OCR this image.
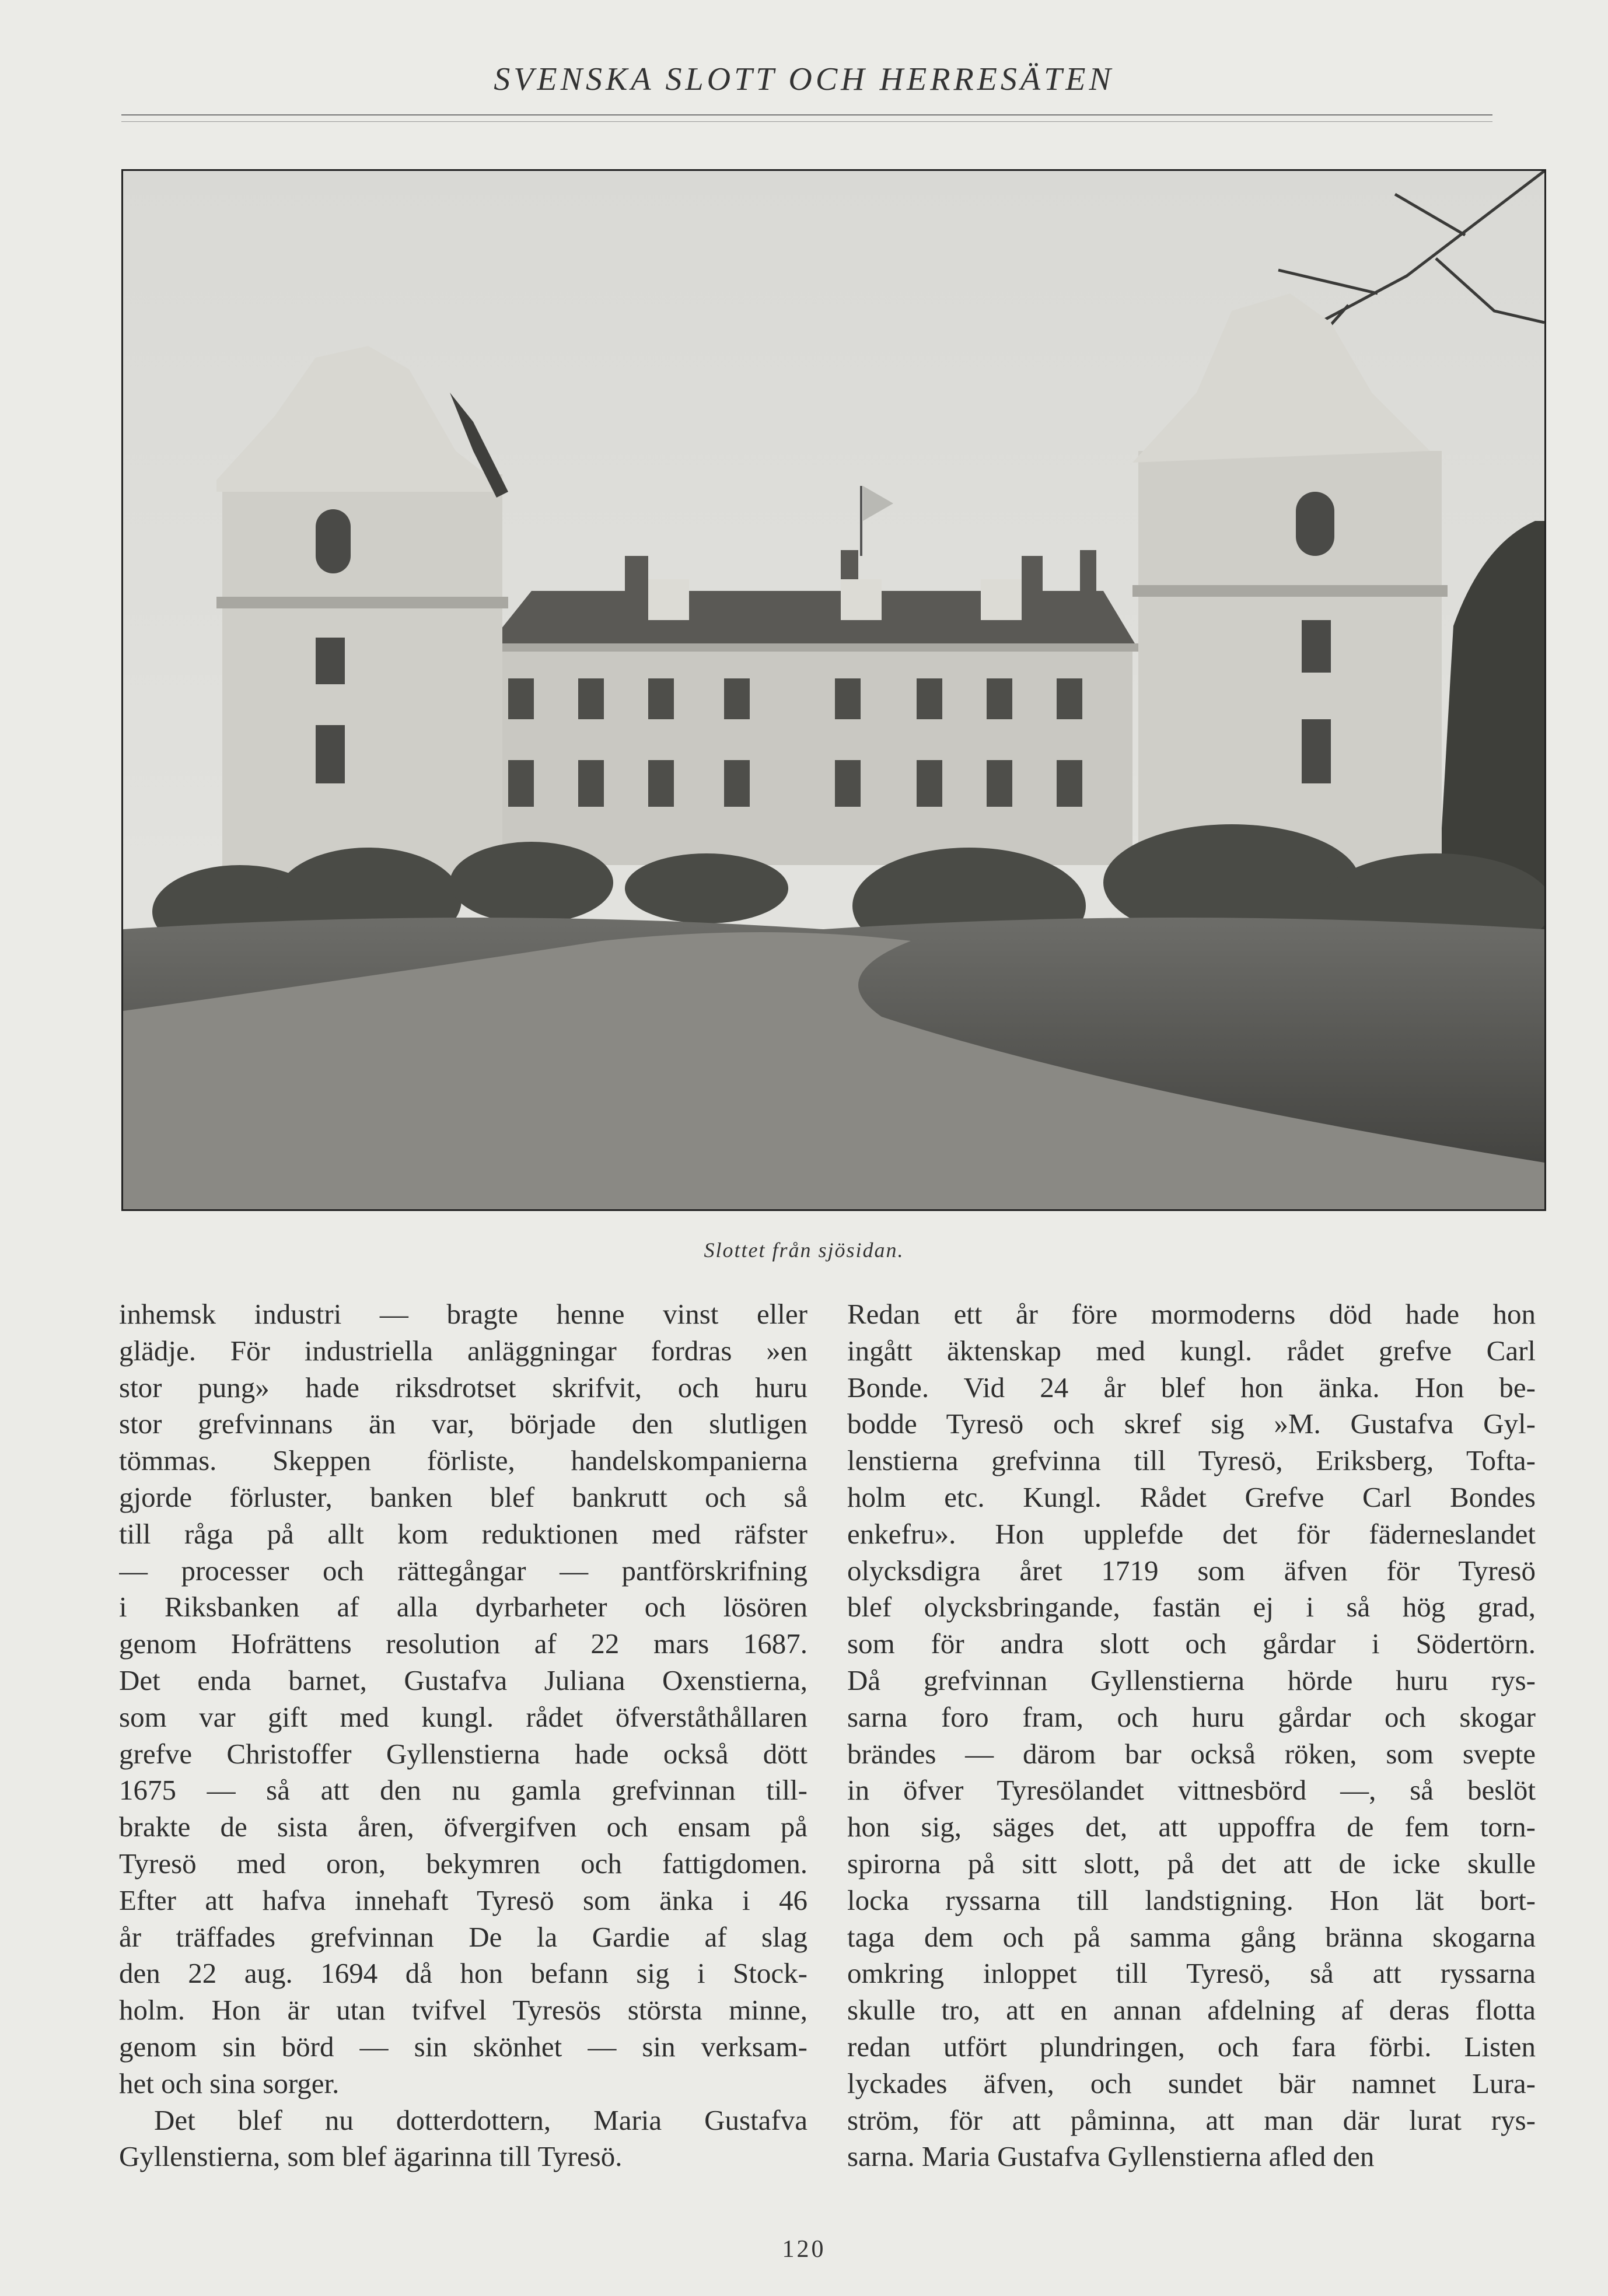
SVENSKA SLOTT OCH HERRESÄTEN
Slottet från sjösidan.
inhemsk industri — bragte henne vinst eller
glädje. För industriella anläggningar fordras »en
stor pung» hade riksdrotset skrifvit, och huru
stor grefvinnans än var, började den slutligen
tömmas. Skeppen förliste, handelskompanierna
gjorde förluster, banken blef bankrutt och så
till råga på allt kom reduktionen med räfster
— processer och rättegångar — pantförskrifning
i Riksbanken af alla dyrbarheter och lösören
genom Hofrättens resolution af 22 mars 1687.
Det enda barnet, Gustafva Juliana Oxenstierna,
som var gift med kungl. rådet öfverståthållaren
grefve Christoffer Gyllenstierna hade också dött
1675 — så att den nu gamla grefvinnan till-
brakte de sista åren, öfvergifven och ensam på
Tyresö med oron, bekymren och fattigdomen.
Efter att hafva innehaft Tyresö som änka i 46
år träffades grefvinnan De la Gardie af slag
den 22 aug. 1694 då hon befann sig i Stock-
holm. Hon är utan tvifvel Tyresös största minne,
genom sin börd — sin skönhet — sin verksam-
het och sina sorger.
Det blef nu dotterdottern, Maria Gustafva
Gyllenstierna, som blef ägarinna till Tyresö.
Redan ett år före mormoderns död hade hon
ingått äktenskap med kungl. rådet grefve Carl
Bonde. Vid 24 år blef hon änka. Hon be-
bodde Tyresö och skref sig »M. Gustafva Gyl-
lenstierna grefvinna till Tyresö, Eriksberg, Tofta-
holm etc. Kungl. Rådet Grefve Carl Bondes
enkefru». Hon upplefde det för fäderneslandet
olycksdigra året 1719 som äfven för Tyresö
blef olycksbringande, fastän ej i så hög grad,
som för andra slott och gårdar i Södertörn.
Då grefvinnan Gyllenstierna hörde huru rys-
sarna foro fram, och huru gårdar och skogar
brändes — därom bar också röken, som svepte
in öfver Tyresölandet vittnesbörd —, så beslöt
hon sig, säges det, att uppoffra de fem torn-
spirorna på sitt slott, på det att de icke skulle
locka ryssarna till landstigning. Hon lät bort-
taga dem och på samma gång bränna skogarna
omkring inloppet till Tyresö, så att ryssarna
skulle tro, att en annan afdelning af deras flotta
redan utfört plundringen, och fara förbi. Listen
lyckades äfven, och sundet bär namnet Lura-
ström, för att påminna, att man där lurat rys-
sarna. Maria Gustafva Gyllenstierna afled den
120
